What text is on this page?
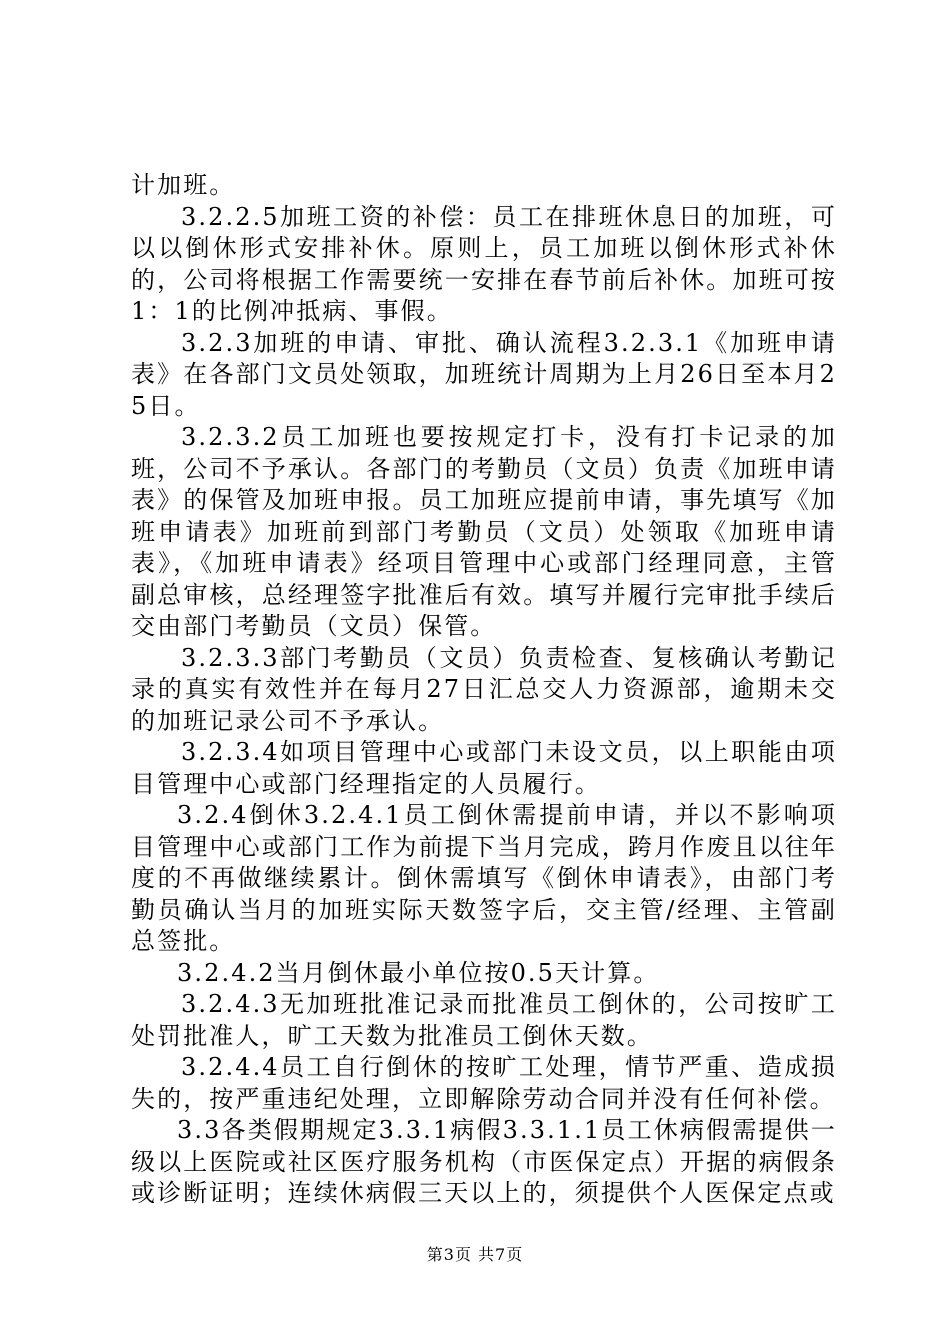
计加班。

3.2.2.5加班工资的补偿：员工在排班休息日的加班，可以以倒休形式安排补休。原则上，员工加班以倒休形式补休的，公司将根据工作需要统一安排在春节前后补休。加班可按1：1的比例冲抵病、事假。

3.2.3加班的申请、审批、确认流程3.2.3.1《加班申请表》在各部门文员处领取，加班统计周期为上月26日至本月25日。

3.2.3.2员工加班也要按规定打卡，没有打卡记录的加班，公司不予承认。各部门的考勤员（文员）负责《加班申请表》的保管及加班申报。员工加班应提前申请，事先填写《加班申请表》加班前到部门考勤员（文员）处领取《加班申请表》，《加班申请表》经项目管理中心或部门经理同意，主管副总审核，总经理签字批准后有效。填写并履行完审批手续后交由部门考勤员（文员）保管。

3.2.3.3部门考勤员（文员）负责检查、复核确认考勤记录的真实有效性并在每月27日汇总交人力资源部，逾期未交的加班记录公司不予承认。

3.2.3.4如项目管理中心或部门未设文员，以上职能由项目管理中心或部门经理指定的人员履行。

3.2.4倒休3.2.4.1员工倒休需提前申请，并以不影响项目管理中心或部门工作为前提下当月完成，跨月作废且以往年度的不再做继续累计。倒休需填写《倒休申请表》，由部门考勤员确认当月的加班实际天数签字后，交主管/经理、主管副总签批。

3.2.4.2当月倒休最小单位按0.5天计算。

3.2.4.3无加班批准记录而批准员工倒休的，公司按旷工处罚批准人，旷工天数为批准员工倒休天数。

3.2.4.4员工自行倒休的按旷工处理，情节严重、造成损失的，按严重违纪处理，立即解除劳动合同并没有任何补偿。

3.3各类假期规定3.3.1病假3.3.1.1员工休病假需提供一级以上医院或社区医疗服务机构（市医保定点）开据的病假条或诊断证明；连续休病假三天以上的，须提供个人医保定点或

第3页 共7页
